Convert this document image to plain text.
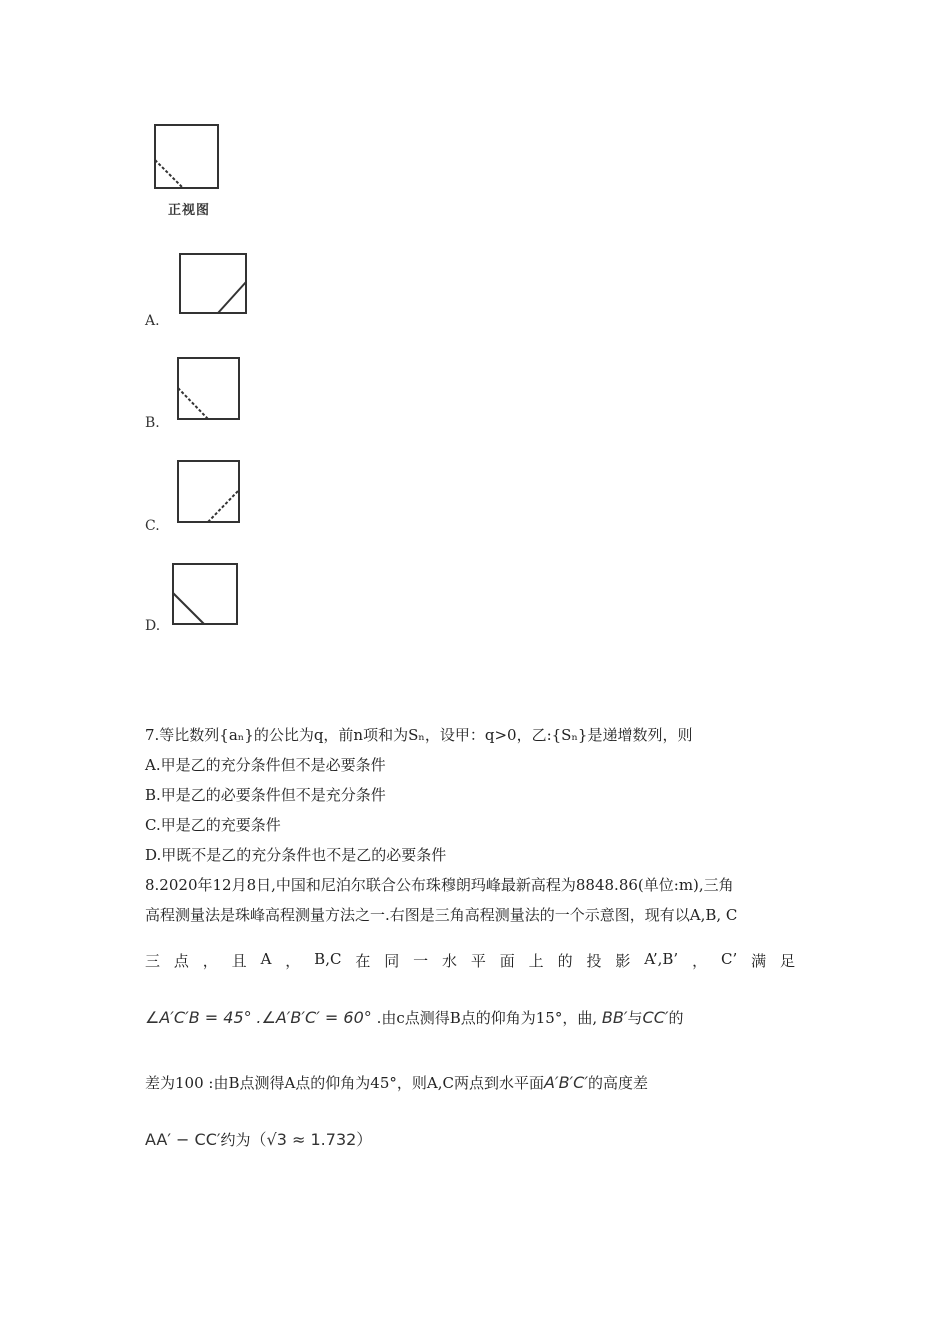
正视图
A.
B.
C.
D.
7.等比数列{aₙ}的公比为q，前n项和为Sₙ，设甲：q>0，乙:{Sₙ}是递增数列，则
A.甲是乙的充分条件但不是必要条件
B.甲是乙的必要条件但不是充分条件
C.甲是乙的充要条件
D.甲既不是乙的充分条件也不是乙的必要条件
8.2020年12月8日,中国和尼泊尔联合公布珠穆朗玛峰最新高程为8848.86(单位:m),三角
高程测量法是珠峰高程测量方法之一.右图是三角高程测量法的一个示意图，现有以A,B, C
三 点 ， 且 A ， B,C 在 同 一 水 平 面 上 的 投 影 A’,B’ ， C’ 满 足
∠A′C′B = 45° .∠A′B′C′ = 60° .由c点测得B点的仰角为15°，曲, BB′与CC′的
差为100 :由B点测得A点的仰角为45°，则A,C两点到水平面A′B′C′的高度差
AA′ − CC′约为（√3 ≈ 1.732）
